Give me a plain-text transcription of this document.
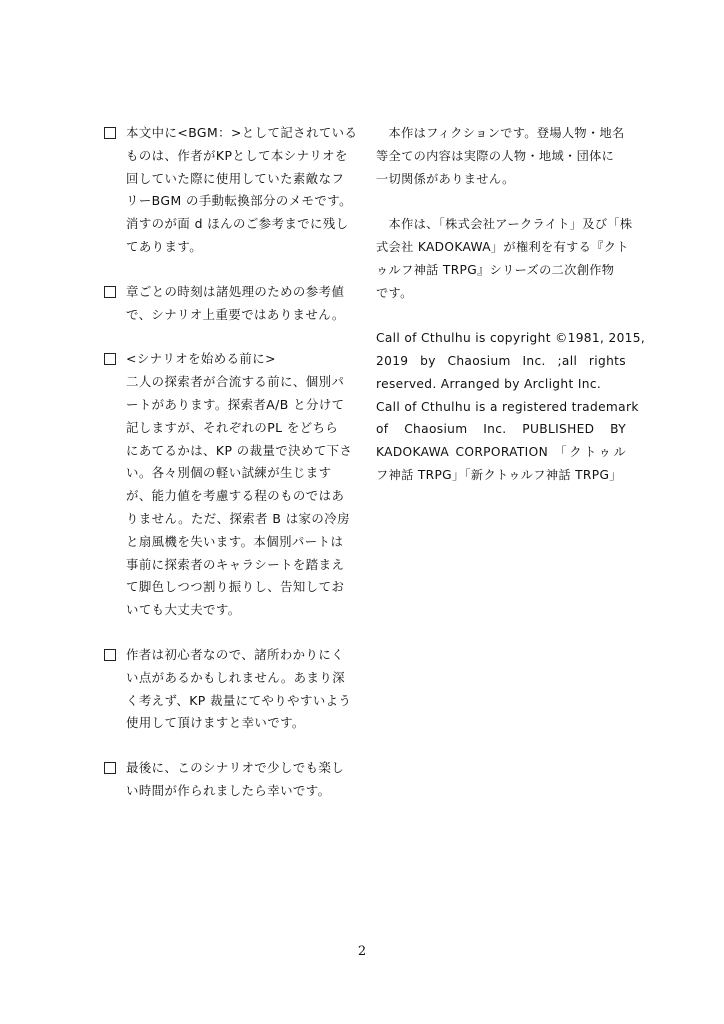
本文中に<BGM：>として記されている
ものは、作者がKPとして本シナリオを
回していた際に使用していた素敵なフ
リーBGM の手動転換部分のメモです。
消すのが面 d ほんのご参考までに残し
てあります。
章ごとの時刻は諸処理のための参考値
で、シナリオ上重要ではありません。
<シナリオを始める前に>
二人の探索者が合流する前に、個別パ
ートがあります。探索者A/B と分けて
記しますが、それぞれのPL をどちら
にあてるかは、KP の裁量で決めて下さ
い。各々別個の軽い試練が生じます
が、能力値を考慮する程のものではあ
りません。ただ、探索者 B は家の冷房
と扇風機を失います。本個別パートは
事前に探索者のキャラシートを踏まえ
て脚色しつつ割り振りし、告知してお
いても大丈夫です。
作者は初心者なので、諸所わかりにく
い点があるかもしれません。あまり深
く考えず、KP 裁量にてやりやすいよう
使用して頂けますと幸いです。
最後に、このシナリオで少しでも楽し
い時間が作られましたら幸いです。
　本作はフィクションです。登場人物・地名
等全ての内容は実際の人物・地域・団体に
一切関係がありません。
　本作は、「株式会社アークライト」及び「株
式会社 KADOKAWA」が権利を有する『クト
ゥルフ神話 TRPG』シリーズの二次創作物
です。
Call of Cthulhu is copyright ©1981, 2015,
2019 by Chaosium Inc. ;all rights
reserved. Arranged by Arclight Inc.
Call of Cthulhu is a registered trademark
of Chaosium Inc. PUBLISHED BY
KADOKAWA CORPORATION 「クトゥル
フ神話 TRPG」「新クトゥルフ神話 TRPG」
2
